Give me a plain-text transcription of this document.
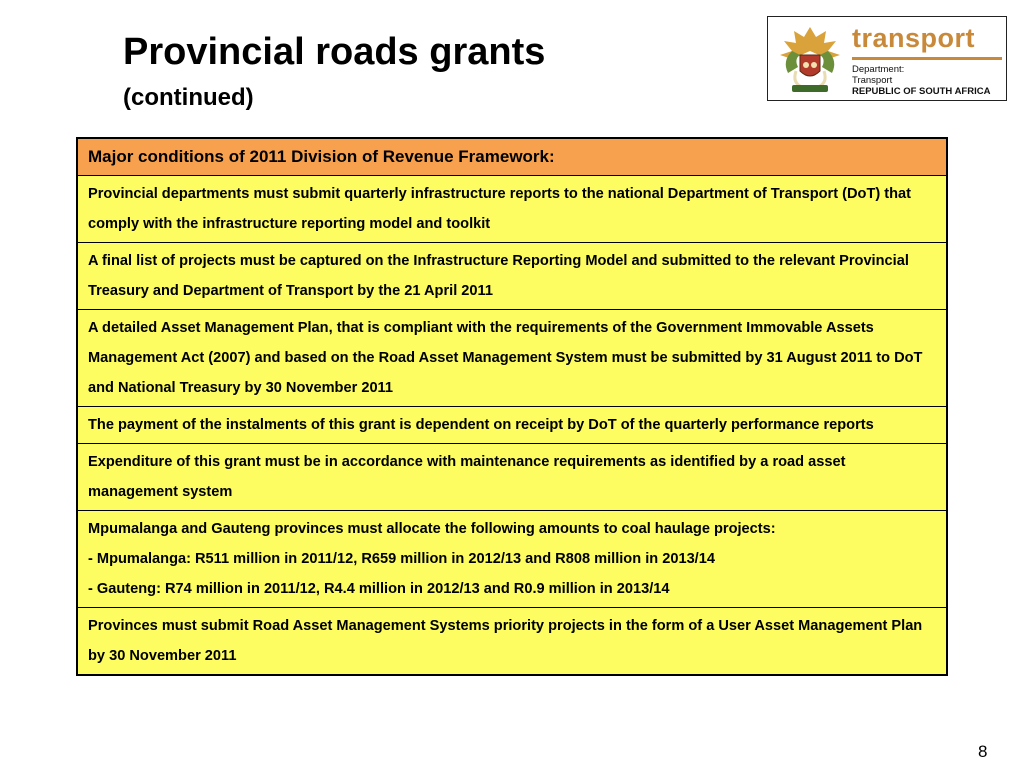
Provincial roads grants
(continued)
transport
Department:
Transport
REPUBLIC OF SOUTH AFRICA
Major conditions of 2011 Division of Revenue Framework:
Provincial departments must submit quarterly infrastructure reports to the national Department of Transport (DoT) that comply with the infrastructure reporting model and toolkit
A final list of projects must be captured on the Infrastructure Reporting Model and submitted to the relevant Provincial Treasury and Department of Transport by the 21 April 2011
A detailed Asset Management Plan, that is compliant with the requirements of the Government Immovable Assets Management Act (2007) and based on the Road Asset Management System must be submitted by 31 August 2011 to DoT and National Treasury by 30 November 2011
The payment of the instalments of this grant is dependent on receipt by DoT of the quarterly performance reports
Expenditure of this grant must be in accordance with maintenance requirements as identified by a road asset management system
Mpumalanga and Gauteng provinces must allocate the following amounts to coal haulage projects:
- Mpumalanga: R511 million in 2011/12, R659 million in 2012/13 and R808 million in 2013/14
- Gauteng: R74 million in 2011/12, R4.4 million in 2012/13 and R0.9 million in 2013/14
Provinces must submit Road Asset Management Systems priority projects in the form of a User Asset Management Plan by 30 November 2011
8
